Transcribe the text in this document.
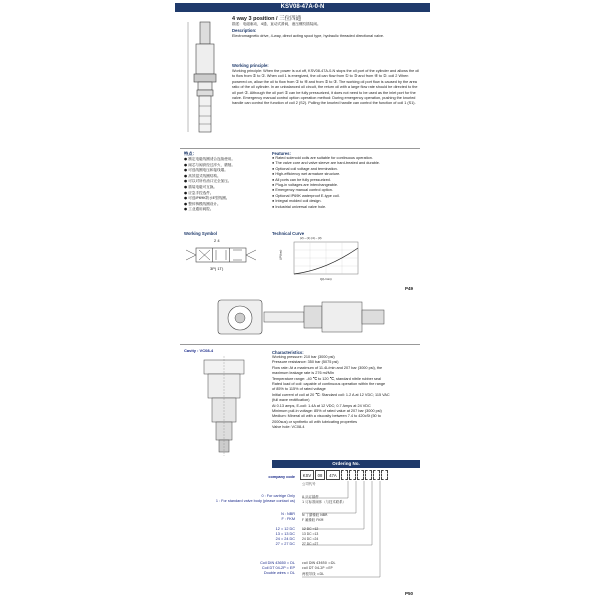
KSV08-47A-0-N
4 way 3 position / 三位四通
描述：电磁驱动，4通，直动式滑阀，液压螺纹插装阀。
Description:
Electromagnetic drive, 4-way, direct acting spool type, hydraulic threaded directional valve.
Working principle:
Working principle: When the power is cut off, KSV08-47A-0-N stops the oil port of the cylinder and allows the oil to flow from ② to ①. When coil 1 is energized, the oil can flow from ① to ③ and from ④ to ②. coil 2 When powered on, allow the oil to flow from ① to ④ and from ② to ③. The working oil port flow is caused by the area ratio of the oil cylinder. In an unbalanced oil circuit, the return oil with a large flow rate should be directed to the oil port ②. Although the oil port ① can be fully pressurized, it does not need to be used as the inlet port for the valve. Emergency manual control option operation method: During emergency operation, pushing the knurled handle can control the function of coil 2 (S2). Pulling the knurled handle can control the function of coil 1 (S1).
特点：
● 额定电磁线圈适合连续使用。
● 阀芯与阀套经过淬火、磨削。
● 可选线圈电压和接线端。
● 高效湿式线圈结构。
● 可以对所有油口完全加压。
● 插装电磁可互换。
● 应急手控选件。
● 可选IP69K防水E型线圈。
● 整体铸模线圈设计。
● 工业通用阀腔。
Features:
● Rated solenoid coils are suitable for continuous operation.
● The valve core and valve sleeve are hard-treated and durable.
● Optional coil voltage and termination.
● High-efficiency wet armature structure.
● All ports can be fully pressurized.
● Plug-in voltages are interchangeable.
● Emergency manual control option.
● Optional IP69K waterproof E-type coil.
● Integral molded coil design.
● Industrial universal valve hole.
Working Symbol
2 4
3P) 1T)
Technical Curve
(2)→(1) (4)→(3)
ΔP(bar)
Q(L/min)
P49
Cavity : VC08-4	Characteristics:
Working pressure: 210 bar (3000 psi)
Pressure resistance: 350 bar (5075 psi)
Flow rate: At a maximum of 11.4L/min and 207 bar (3000 psi), the
maximum leakage rate is 276 ml/MIn
Temperature range: -40 ℃ to 120 ℃, standard nitrile rubber seal
Rated load of coil: capable of continuous operation within the range
of 85% to 115% of rated voltage
Initial current of coil at 20 ℃: Standard coil: 1.2 A at 12 VDC; 115 VAC
(full wave rectification)
At 0.13 amps, E-coil: 1.4A at 12 VDC; 0.7 Amps at 24 VDC
Minimum pull-in voltage: 85% of rated value at 207 bar (3000 psi)
Medium: Mineral oil with a viscosity between 7.4 to 420cSt (50 to
2000sus) or synthetic oil with lubricating properties
Valve hole: VC08-4
Ordering No.
company code
公司代号
KSV	08	47A
0 : For cartrige Only
1 : For standard valve body (please contact us)
0 只订插件
1 订标准阀体（与技术联系）
N : NBR
F : FKM
N 丁腈橡胶 NBR
F 氟橡胶 FKM
12 = 12 DC
13 = 13 DC
24 = 24 DC
27 = 27 DC
12 DC =12
13 DC =13
24 DC =24
27 DC =27
Coil DIN 43650 = DL
Coil DT 04-2P = EP
Double wires = DL
coil DIN 43650 =DL
coil DT 04-2P =EP
两根导线 =DL
P50
